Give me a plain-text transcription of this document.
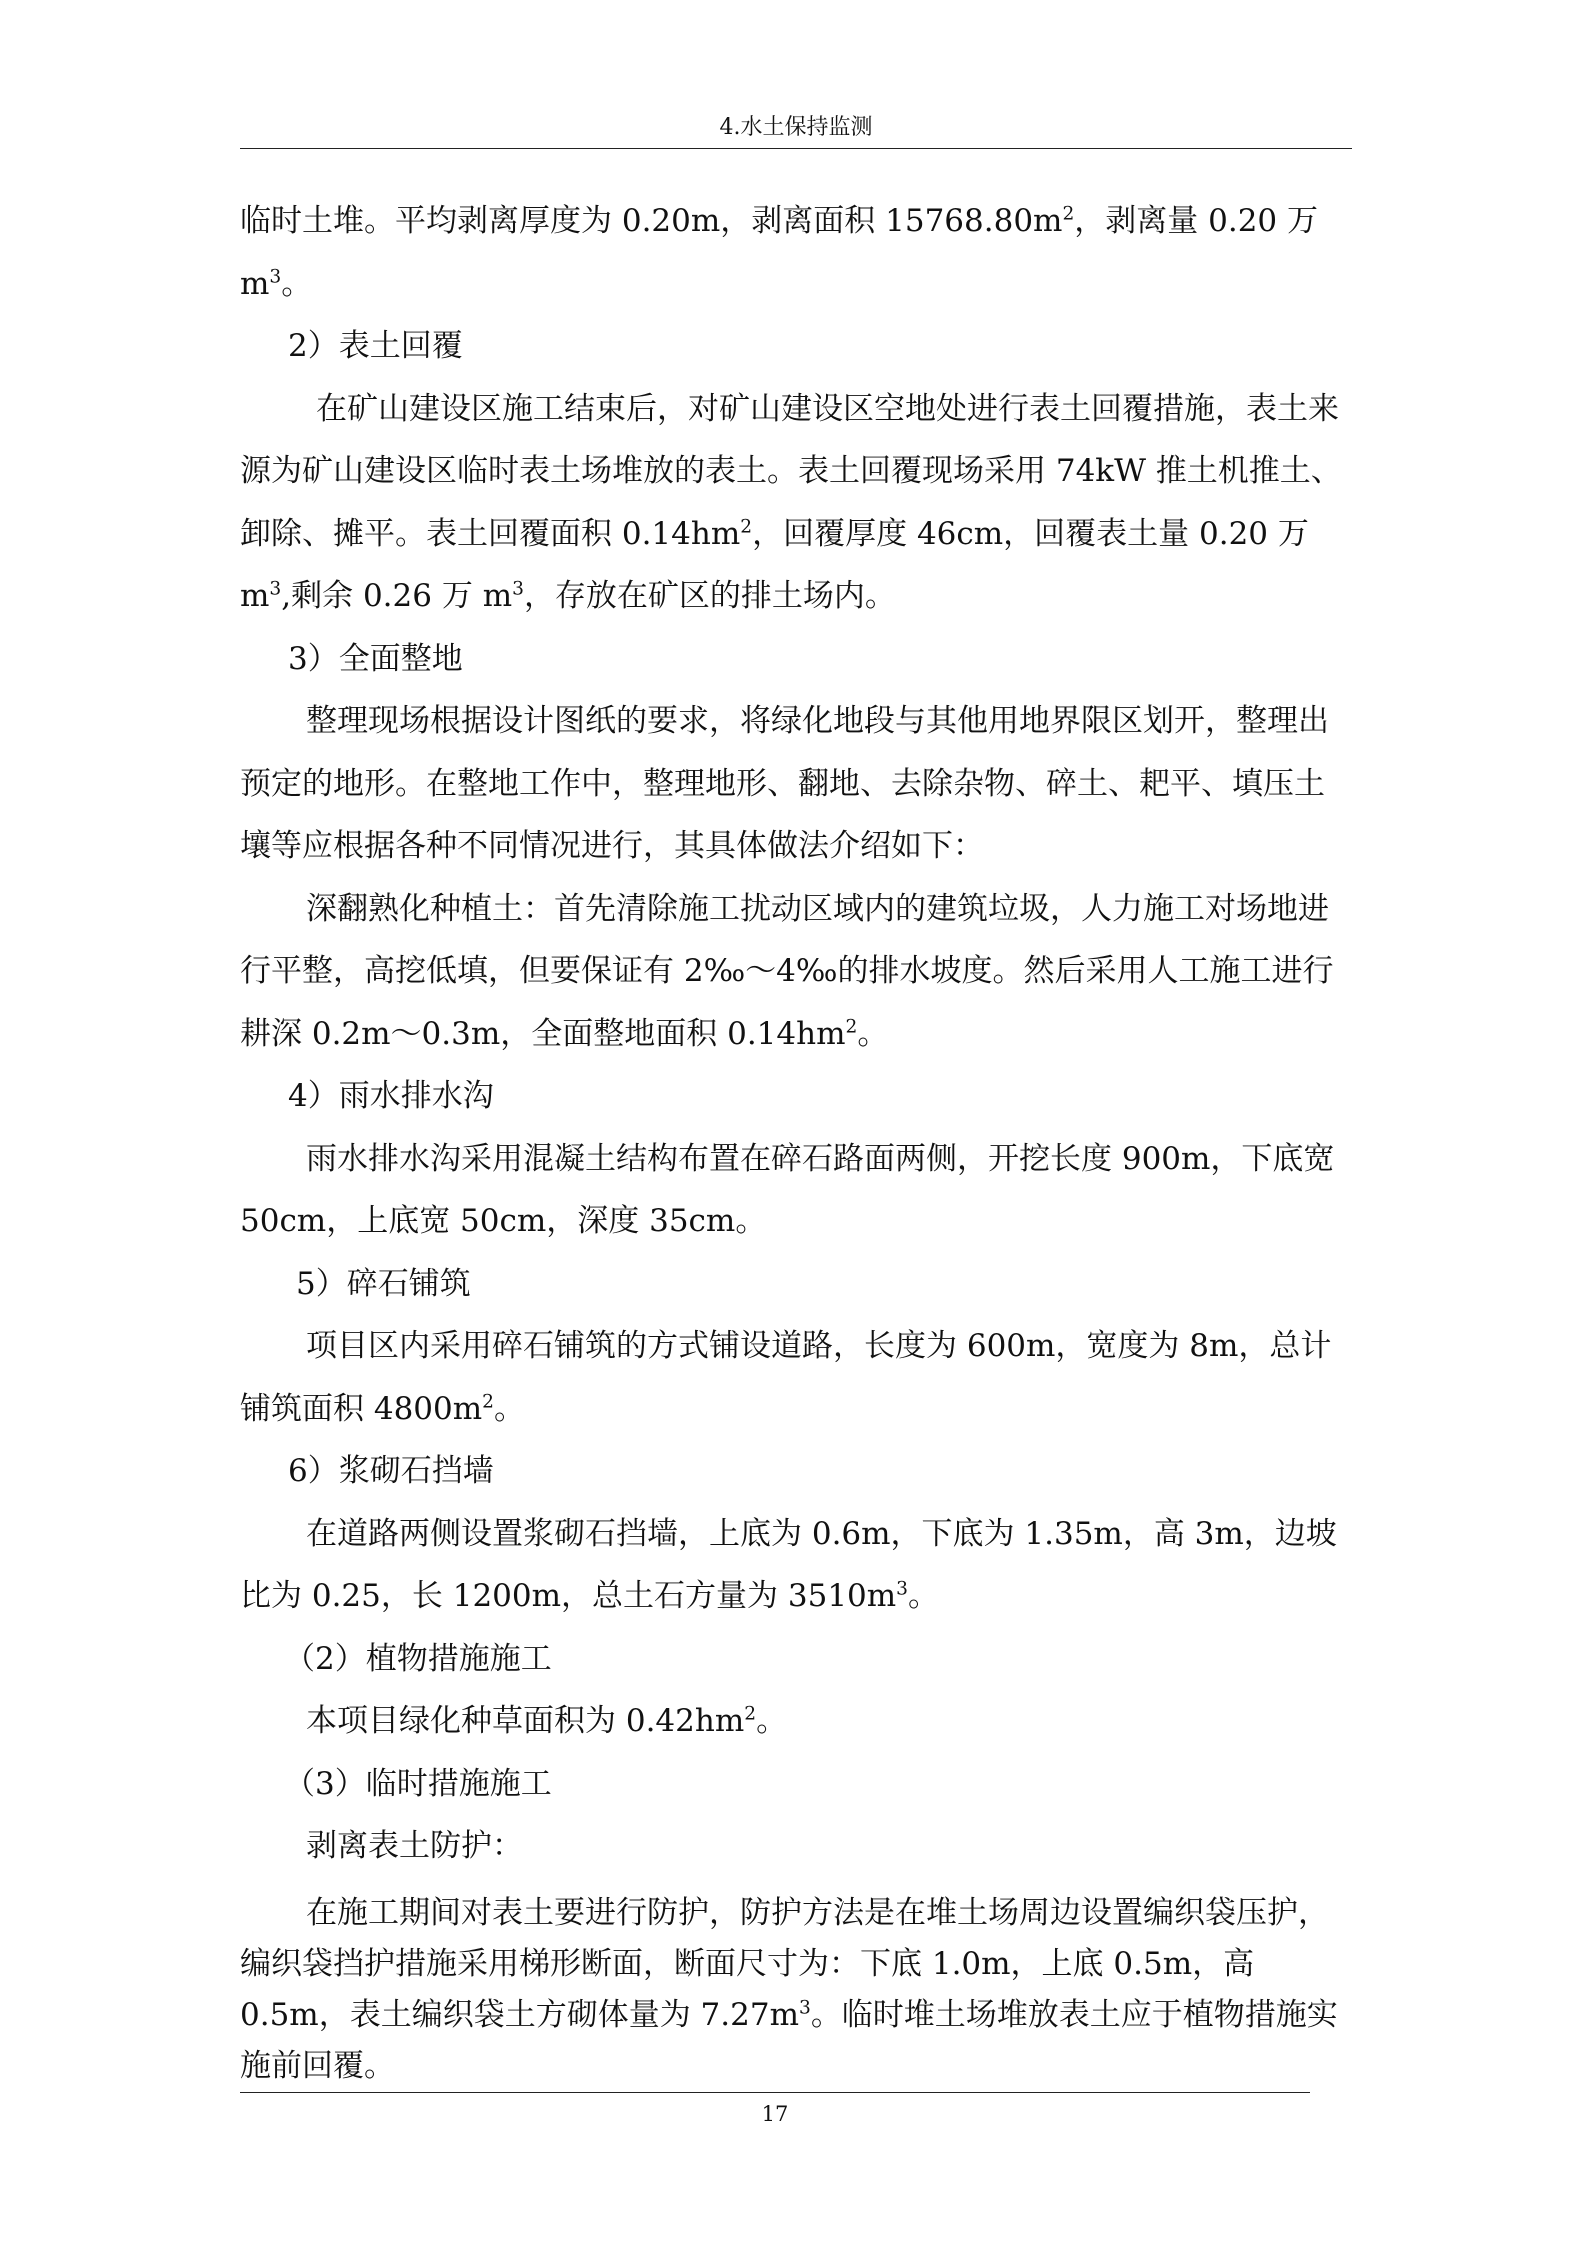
4.水土保持监测

临时土堆。平均剥离厚度为 0.20m，剥离面积 $15768.80m^2$，剥离量 0.20 万 $m^3$。

2）表土回覆

在矿山建设区施工结束后，对矿山建设区空地处进行表土回覆措施，表土来源为矿山建设区临时表土场堆放的表土。表土回覆现场采用 74kW 推土机推土、卸除、摊平。表土回覆面积 $0.14hm^2$，回覆厚度 46cm，回覆表土量 0.20 万 $m^3$,剩余 0.26 万 $m^3$，存放在矿区的排土场内。

3）全面整地

整理现场根据设计图纸的要求，将绿化地段与其他用地界限区划开，整理出预定的地形。在整地工作中，整理地形、翻地、去除杂物、碎土、耙平、填压土壤等应根据各种不同情况进行，其具体做法介绍如下：

深翻熟化种植土：首先清除施工扰动区域内的建筑垃圾，人力施工对场地进行平整，高挖低填，但要保证有 2‰～4‰的排水坡度。然后采用人工施工进行耕深 0.2m～0.3m，全面整地面积 $0.14hm^2$。

4）雨水排水沟

雨水排水沟采用混凝土结构布置在碎石路面两侧，开挖长度 900m，下底宽 50cm，上底宽 50cm，深度 35cm。

5）碎石铺筑

项目区内采用碎石铺筑的方式铺设道路，长度为 600m，宽度为 8m，总计铺筑面积 $4800m^2$。

6）浆砌石挡墙

在道路两侧设置浆砌石挡墙，上底为 0.6m，下底为 1.35m，高 3m，边坡比为 0.25，长 1200m，总土石方量为 $3510m^3$。

（2）植物措施施工

本项目绿化种草面积为 $0.42hm^2$。

（3）临时措施施工

剥离表土防护：

在施工期间对表土要进行防护，防护方法是在堆土场周边设置编织袋压护，编织袋挡护措施采用梯形断面，断面尺寸为：下底 1.0m，上底 0.5m，高 0.5m，表土编织袋土方砌体量为 $7.27m^3$。临时堆土场堆放表土应于植物措施实施前回覆。

17
